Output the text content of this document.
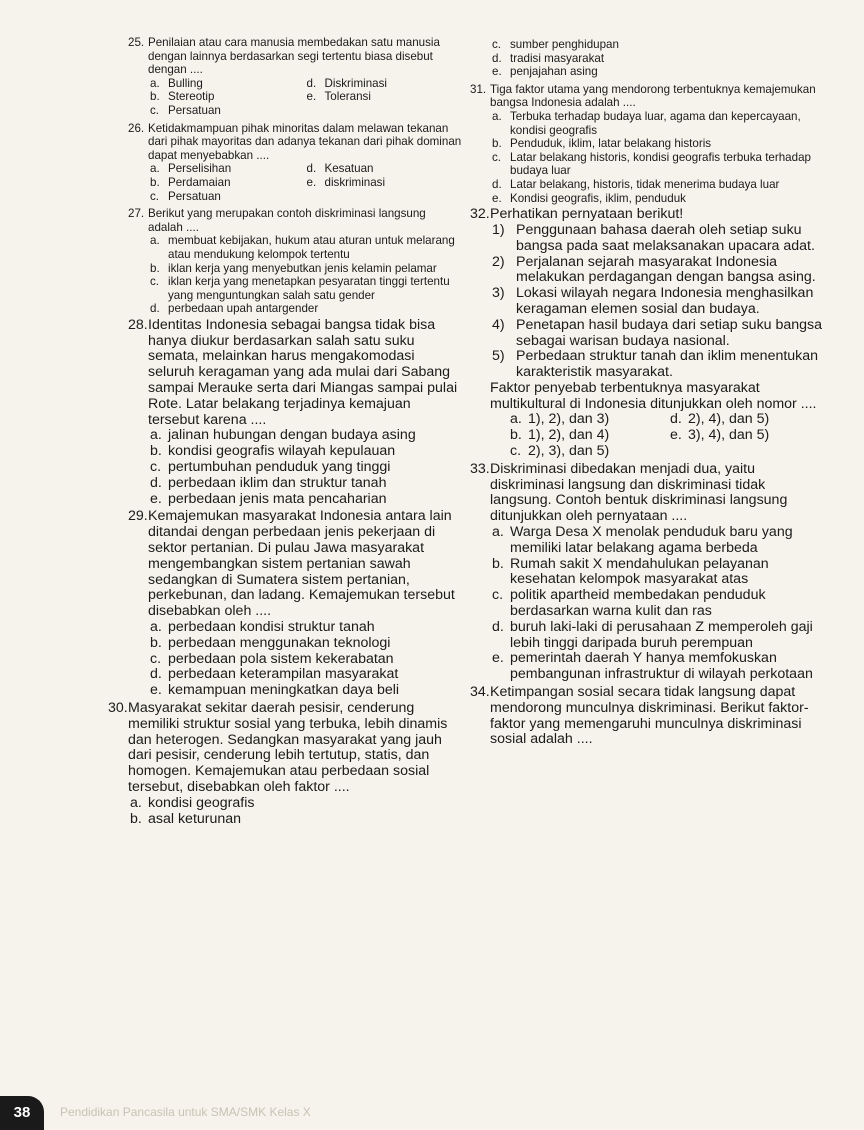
25. Penilaian atau cara manusia membedakan satu manusia dengan lainnya berdasarkan segi tertentu biasa disebut dengan ....
a. Bulling	d. Diskriminasi
b. Stereotip	e. Toleransi
c. Persatuan
26. Ketidakmampuan pihak minoritas dalam melawan tekanan dari pihak mayoritas dan adanya tekanan dari pihak dominan dapat menyebabkan ....
a. Perselisihan	d. Kesatuan
b. Perdamaian	e. diskriminasi
c. Persatuan
27. Berikut yang merupakan contoh diskriminasi langsung adalah ....
a. membuat kebijakan, hukum atau aturan untuk melarang atau mendukung kelompok tertentu
b. iklan kerja yang menyebutkan jenis kelamin pelamar
c. iklan kerja yang menetapkan pesyaratan tinggi tertentu yang menguntungkan salah satu gender
d. perbedaan upah antargender
28. Identitas Indonesia sebagai bangsa tidak bisa hanya diukur berdasarkan salah satu suku semata, melainkan harus mengakomodasi seluruh keragaman yang ada mulai dari Sabang sampai Merauke serta dari Miangas sampai pulai Rote. Latar belakang terjadinya kemajuan tersebut karena ....
a. jalinan hubungan dengan budaya asing
b. kondisi geografis wilayah kepulauan
c. pertumbuhan penduduk yang tinggi
d. perbedaan iklim dan struktur tanah
e. perbedaan jenis mata pencaharian
29. Kemajemukan masyarakat Indonesia antara lain ditandai dengan perbedaan jenis pekerjaan di sektor pertanian. Di pulau Jawa masyarakat mengembangkan sistem pertanian sawah sedangkan di Sumatera sistem pertanian, perkebunan, dan ladang. Kemajemukan tersebut disebabkan oleh ....
a. perbedaan kondisi struktur tanah
b. perbedaan menggunakan teknologi
c. perbedaan pola sistem kekerabatan
d. perbedaan keterampilan masyarakat
e. kemampuan meningkatkan daya beli
30. Masyarakat sekitar daerah pesisir, cenderung memiliki struktur sosial yang terbuka, lebih dinamis dan heterogen. Sedangkan masyarakat yang jauh dari pesisir, cenderung lebih tertutup, statis, dan homogen. Kemajemukan atau perbedaan sosial tersebut, disebabkan oleh faktor ....
a. kondisi geografis
b. asal keturunan
c. sumber penghidupan
d. tradisi masyarakat
e. penjajahan asing
31. Tiga faktor utama yang mendorong terbentuknya kemajemukan bangsa Indonesia adalah ....
a. Terbuka terhadap budaya luar, agama dan kepercayaan, kondisi geografis
b. Penduduk, iklim, latar belakang historis
c. Latar belakang historis, kondisi geografis terbuka terhadap budaya luar
d. Latar belakang, historis, tidak menerima budaya luar
e. Kondisi geografis, iklim, penduduk
32. Perhatikan pernyataan berikut!
1) Penggunaan bahasa daerah oleh setiap suku bangsa pada saat melaksanakan upacara adat.
2) Perjalanan sejarah masyarakat Indonesia melakukan perdagangan dengan bangsa asing.
3) Lokasi wilayah negara Indonesia menghasilkan keragaman elemen sosial dan budaya.
4) Penetapan hasil budaya dari setiap suku bangsa sebagai warisan budaya nasional.
5) Perbedaan struktur tanah dan iklim menentukan karakteristik masyarakat.
Faktor penyebab terbentuknya masyarakat multikultural di Indonesia ditunjukkan oleh nomor ....
a. 1), 2), dan 3)	d. 2), 4), dan 5)
b. 1), 2), dan 4)	e. 3), 4), dan 5)
c. 2), 3), dan 5)
33. Diskriminasi dibedakan menjadi dua, yaitu diskriminasi langsung dan diskriminasi tidak langsung. Contoh bentuk diskriminasi langsung ditunjukkan oleh pernyataan ....
a. Warga Desa X menolak penduduk baru yang memiliki latar belakang agama berbeda
b. Rumah sakit X mendahulukan pelayanan kesehatan kelompok masyarakat atas
c. politik apartheid membedakan penduduk berdasarkan warna kulit dan ras
d. buruh laki-laki di perusahaan Z memperoleh gaji lebih tinggi daripada buruh perempuan
e. pemerintah daerah Y hanya memfokuskan pembangunan infrastruktur di wilayah perkotaan
34. Ketimpangan sosial secara tidak langsung dapat mendorong munculnya diskriminasi. Berikut faktor-faktor yang memengaruhi munculnya diskriminasi sosial adalah ....
38	Pendidikan Pancasila untuk SMA/SMK Kelas X
